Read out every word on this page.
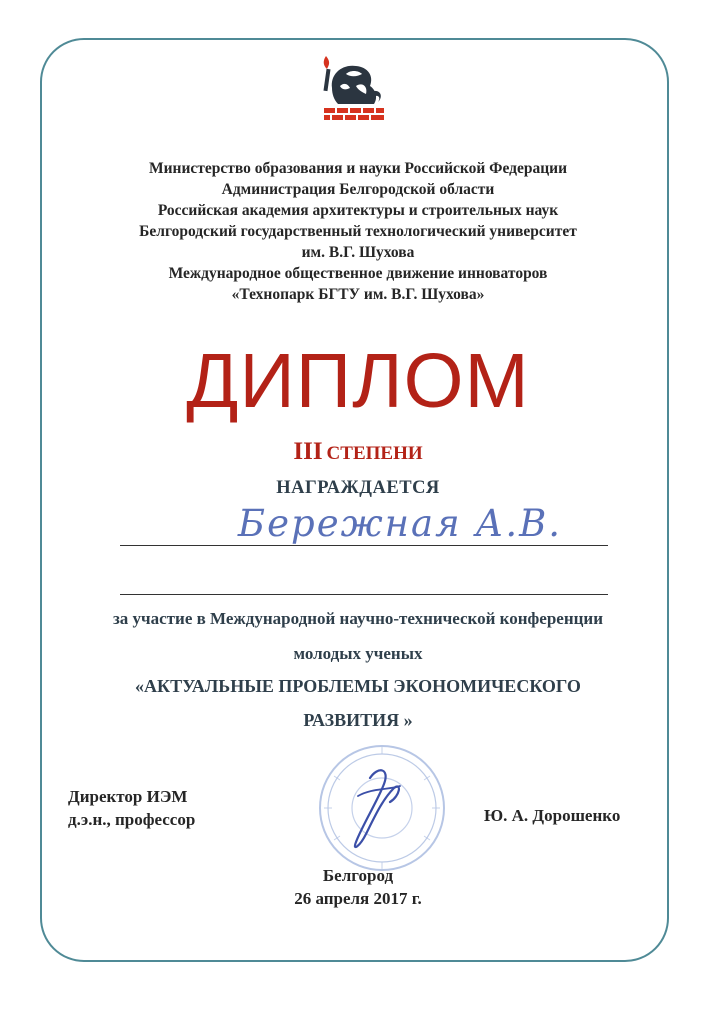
Министерство образования и науки Российской Федерации
Администрация Белгородской области
Российская академия архитектуры и строительных наук
Белгородский государственный технологический университет
им. В.Г. Шухова
Международное общественное движение инноваторов
«Технопарк БГТУ им. В.Г. Шухова»
ДИПЛОМ
III СТЕПЕНИ
НАГРАЖДАЕТСЯ
Бережная А.В.
за участие в Международной научно-технической конференции
молодых ученых
«АКТУАЛЬНЫЕ ПРОБЛЕМЫ ЭКОНОМИЧЕСКОГО
РАЗВИТИЯ »
Директор ИЭМ
д.э.н., профессор	Ю. А. Дорошенко
Белгород
26 апреля 2017 г.
